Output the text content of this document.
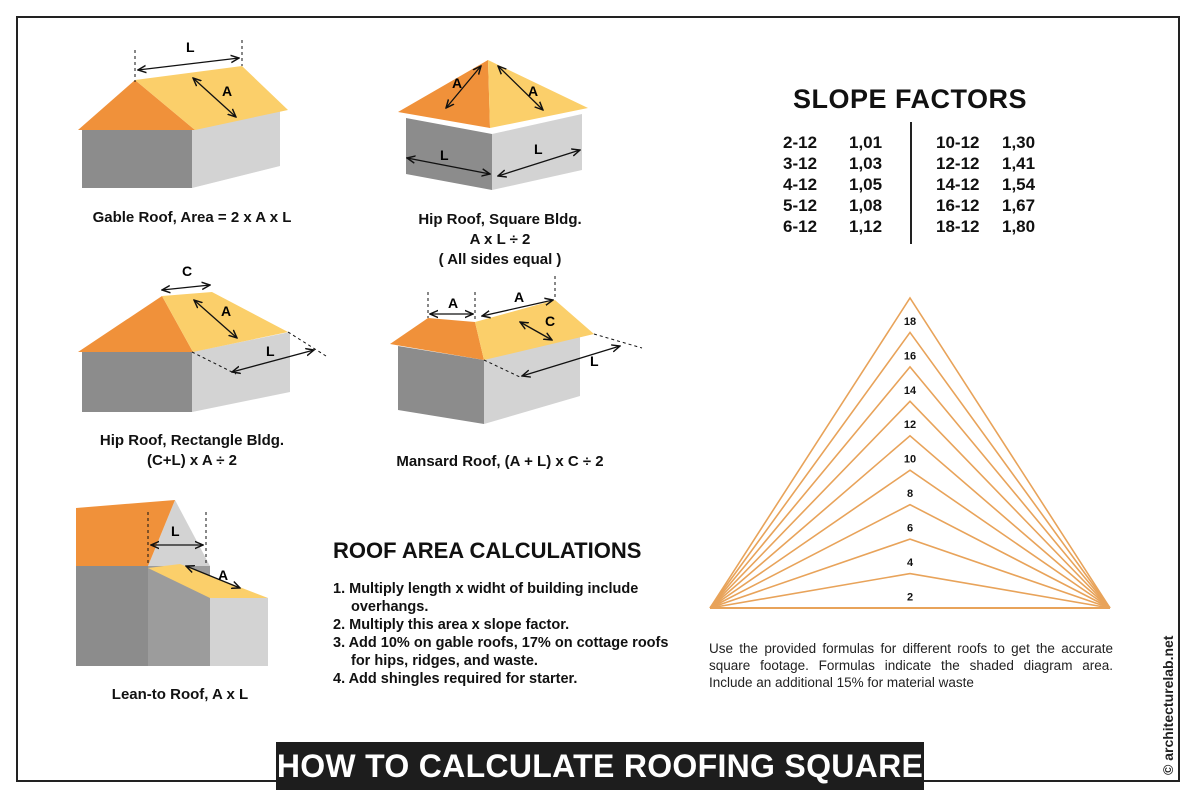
L
A	A	A
L	L
C
A
L
A	A
C
L
L
A
2
4
6
8
10
12
14
16
18
Gable Roof, Area = 2 x A x L	Hip Roof, Square Bldg.
A x L ÷ 2
( All sides equal )
Hip Roof, Rectangle Bldg.
(C+L) x A ÷ 2	Mansard Roof, (A + L) x C ÷ 2
Lean-to Roof, A x L
SLOPE FACTORS
2-12 1,01
3-12 1,03
4-12 1,05
5-12 1,08
6-12 1,12
10-12 1,30
12-12 1,41
14-12 1,54
16-12 1,67
18-12 1,80
ROOF AREA CALCULATIONS
1. Multiply length x widht of building include overhangs.
2. Multiply this area x slope factor.
3. Add 10% on gable roofs, 17% on cottage roofs for hips, ridges, and waste.
4. Add shingles required for starter.
Use the provided formulas for different roofs to get the accurate square footage. Formulas indicate the shaded diagram area. Include an additional 15% for material waste
HOW TO CALCULATE ROOFING SQUARE	© architecturelab.net
